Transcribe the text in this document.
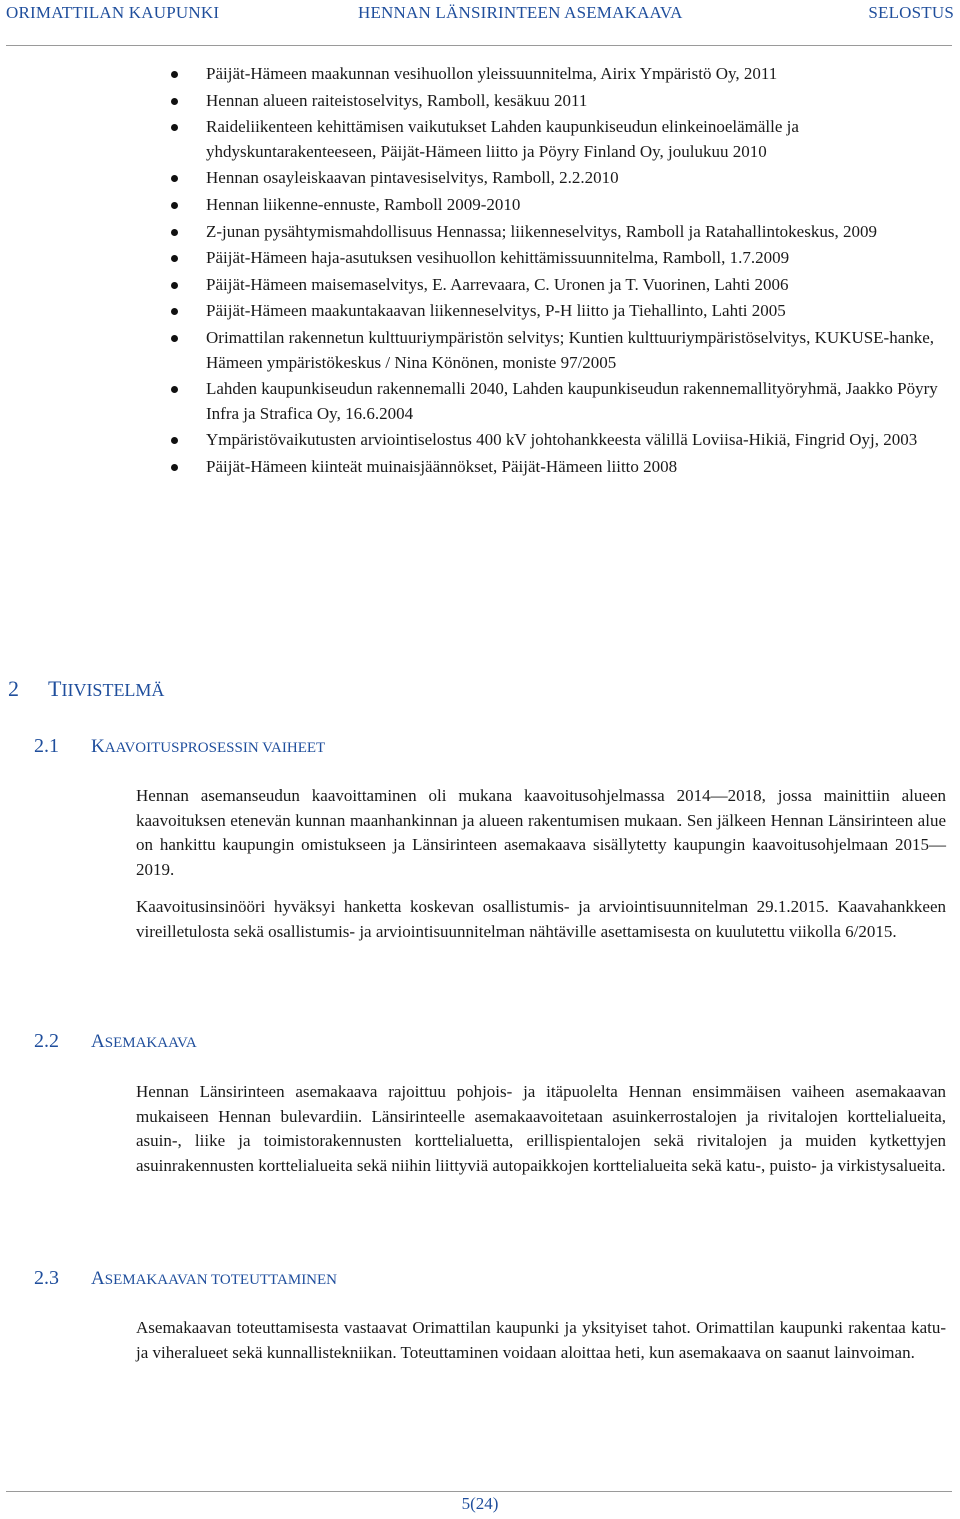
ORIMATTILAN KAUPUNKI	HENNAN LÄNSIRINTEEN ASEMAKAAVA	SELOSTUS
Päijät-Hämeen maakunnan vesihuollon yleissuunnitelma, Airix Ympäristö Oy, 2011
Hennan alueen raiteistoselvitys, Ramboll, kesäkuu 2011
Raideliikenteen kehittämisen vaikutukset Lahden kaupunkiseudun elinkeinoelämälle ja yhdyskuntarakenteeseen, Päijät-Hämeen liitto ja Pöyry Finland Oy, joulukuu 2010
Hennan osayleiskaavan pintavesiselvitys, Ramboll, 2.2.2010
Hennan liikenne-ennuste, Ramboll 2009-2010
Z-junan pysähtymismahdollisuus Hennassa; liikenneselvitys, Ramboll ja Ratahallintokeskus, 2009
Päijät-Hämeen haja-asutuksen vesihuollon kehittämissuunnitelma, Ramboll, 1.7.2009
Päijät-Hämeen maisemaselvitys, E. Aarrevaara, C. Uronen ja T. Vuorinen, Lahti 2006
Päijät-Hämeen maakuntakaavan liikenneselvitys, P-H liitto ja Tiehallinto, Lahti 2005
Orimattilan rakennetun kulttuuriympäristön selvitys; Kuntien kulttuuriympäristöselvitys, KUKUSE-hanke, Hämeen ympäristökeskus / Nina Könönen, moniste 97/2005
Lahden kaupunkiseudun rakennemalli 2040, Lahden kaupunkiseudun rakennemallityöryhmä, Jaakko Pöyry Infra ja Strafica Oy, 16.6.2004
Ympäristövaikutusten arviointiselostus 400 kV johtohankkeesta välillä Loviisa-Hikiä, Fingrid Oyj, 2003
Päijät-Hämeen kiinteät muinaisjäännökset, Päijät-Hämeen liitto 2008
2 TIIVISTELMÄ
2.1 KAAVOITUSPROSESSIN VAIHEET

Hennan asemanseudun kaavoittaminen oli mukana kaavoitusohjelmassa 2014—2018, jossa mainittiin alueen kaavoituksen etenevän kunnan maanhankinnan ja alueen rakentumisen mukaan. Sen jälkeen Hennan Länsirinteen alue on hankittu kaupungin omistukseen ja Länsirinteen asemakaava sisällytetty kaupungin kaavoitusohjelmaan 2015—2019.

Kaavoitusinsinööri hyväksyi hanketta koskevan osallistumis- ja arviointisuunnitelman 29.1.2015. Kaavahankkeen vireilletulosta sekä osallistumis- ja arviointisuunnitelman nähtäville asettamisesta on kuulutettu viikolla 6/2015.

2.2 ASEMAKAAVA

Hennan Länsirinteen asemakaava rajoittuu pohjois- ja itäpuolelta Hennan ensimmäisen vaiheen asemakaavan mukaiseen Hennan bulevardiin. Länsirinteelle asemakaavoitetaan asuinkerrostalojen ja rivitalojen korttelialueita, asuin-, liike ja toimistorakennusten korttelialuetta, erillispientalojen sekä rivitalojen ja muiden kytkettyjen asuinrakennusten korttelialueita sekä niihin liittyviä autopaikkojen korttelialueita sekä katu-, puisto- ja virkistysalueita.

2.3 ASEMAKAAVAN TOTEUTTAMINEN

Asemakaavan toteuttamisesta vastaavat Orimattilan kaupunki ja yksityiset tahot. Orimattilan kaupunki rakentaa katu- ja viheralueet sekä kunnallistekniikan. Toteuttaminen voidaan aloittaa heti, kun asemakaava on saanut lainvoiman.

5(24)
